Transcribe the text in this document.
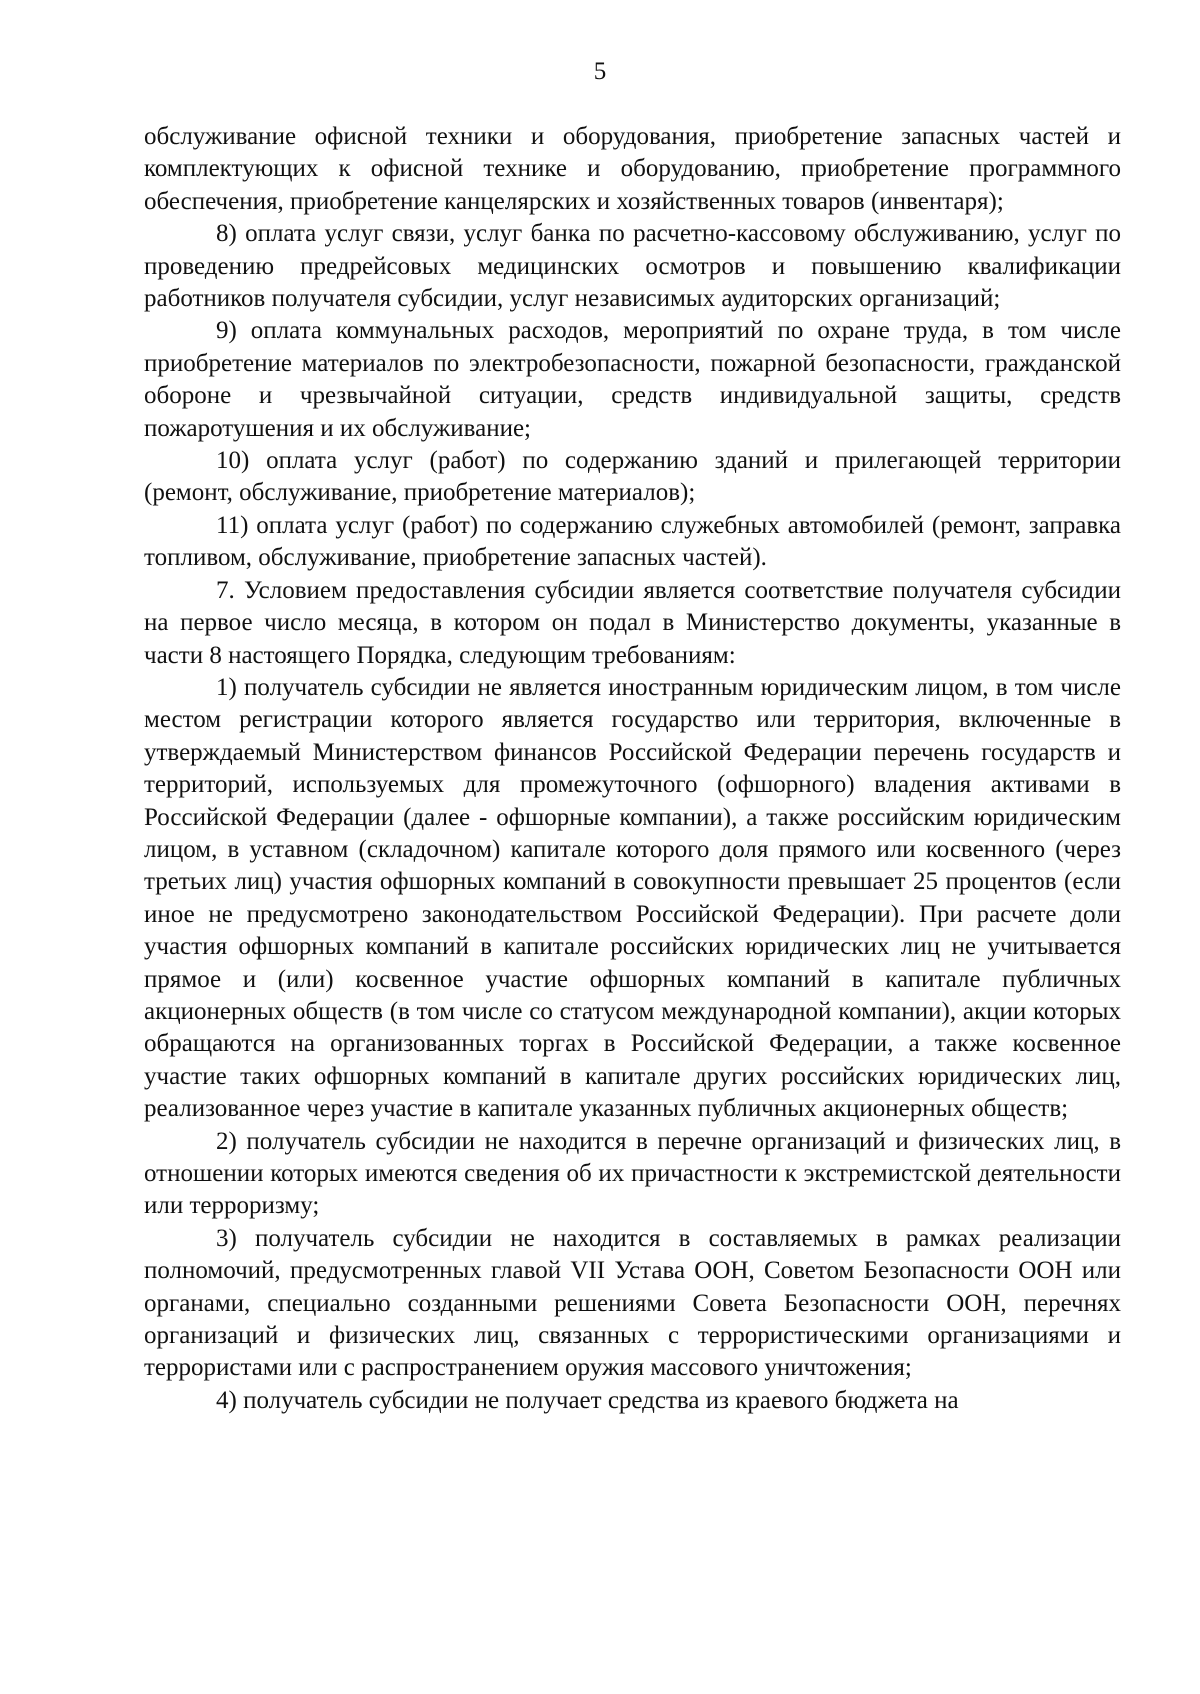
5

обслуживание офисной техники и оборудования, приобретение запасных частей и комплектующих к офисной технике и оборудованию, приобретение программного обеспечения, приобретение канцелярских и хозяйственных товаров (инвентаря);

8) оплата услуг связи, услуг банка по расчетно-кассовому обслуживанию, услуг по проведению предрейсовых медицинских осмотров и повышению квалификации работников получателя субсидии, услуг независимых аудиторских организаций;

9) оплата коммунальных расходов, мероприятий по охране труда, в том числе приобретение материалов по электробезопасности, пожарной безопасности, гражданской обороне и чрезвычайной ситуации, средств индивидуальной защиты, средств пожаротушения и их обслуживание;

10) оплата услуг (работ) по содержанию зданий и прилегающей территории (ремонт, обслуживание, приобретение материалов);

11) оплата услуг (работ) по содержанию служебных автомобилей (ремонт, заправка топливом, обслуживание, приобретение запасных частей).

7. Условием предоставления субсидии является соответствие получателя субсидии на первое число месяца, в котором он подал в Министерство документы, указанные в части 8 настоящего Порядка, следующим требованиям:

1) получатель субсидии не является иностранным юридическим лицом, в том числе местом регистрации которого является государство или территория, включенные в утверждаемый Министерством финансов Российской Федерации перечень государств и территорий, используемых для промежуточного (офшорного) владения активами в Российской Федерации (далее - офшорные компании), а также российским юридическим лицом, в уставном (складочном) капитале которого доля прямого или косвенного (через третьих лиц) участия офшорных компаний в совокупности превышает 25 процентов (если иное не предусмотрено законодательством Российской Федерации). При расчете доли участия офшорных компаний в капитале российских юридических лиц не учитывается прямое и (или) косвенное участие офшорных компаний в капитале публичных акционерных обществ (в том числе со статусом международной компании), акции которых обращаются на организованных торгах в Российской Федерации, а также косвенное участие таких офшорных компаний в капитале других российских юридических лиц, реализованное через участие в капитале указанных публичных акционерных обществ;

2) получатель субсидии не находится в перечне организаций и физических лиц, в отношении которых имеются сведения об их причастности к экстремистской деятельности или терроризму;

3) получатель субсидии не находится в составляемых в рамках реализации полномочий, предусмотренных главой VII Устава ООН, Советом Безопасности ООН или органами, специально созданными решениями Совета Безопасности ООН, перечнях организаций и физических лиц, связанных с террористическими организациями и террористами или с распространением оружия массового уничтожения;

4) получатель субсидии не получает средства из краевого бюджета на
